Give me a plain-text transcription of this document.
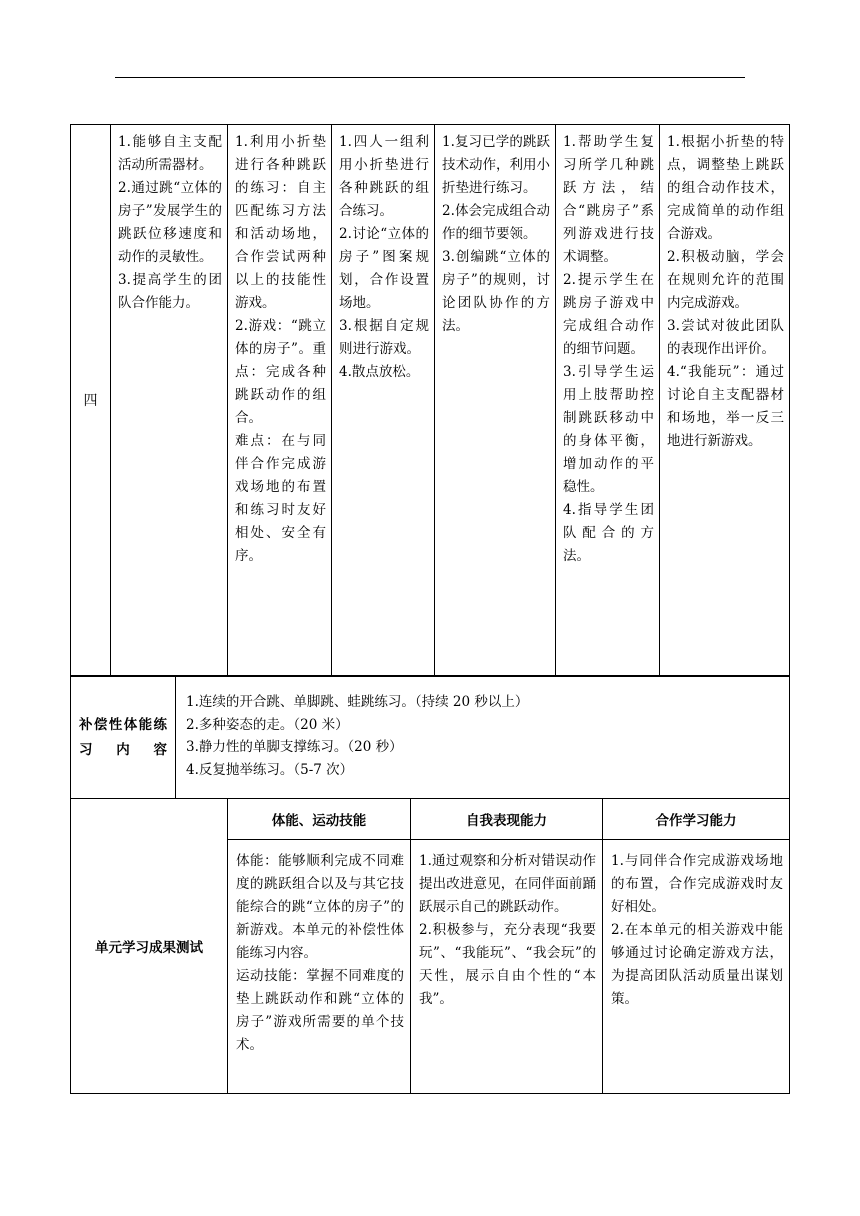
四	1.能够自主支配活动所需器材。
2.通过跳“立体的房子”发展学生的跳跃位移速度和动作的灵敏性。
3.提高学生的团队合作能力。	1.利用小折垫进行各种跳跃的练习：自主匹配练习方法和活动场地，合作尝试两种以上的技能性游戏。
2.游戏：“跳立体的房子”。重点：完成各种跳跃动作的组合。
难点：在与同伴合作完成游戏场地的布置和练习时友好相处、安全有序。	1.四人一组利用小折垫进行各种跳跃的组合练习。
2.讨论“立体的房子”图案规划，合作设置场地。
3.根据自定规则进行游戏。
4.散点放松。	1.复习已学的跳跃技术动作，利用小折垫进行练习。
2.体会完成组合动作的细节要领。
3.创编跳“立体的房子”的规则，讨论团队协作的方法。	1.帮助学生复习所学几种跳跃方法，结合“跳房子”系列游戏进行技术调整。
2.提示学生在跳房子游戏中完成组合动作的细节问题。
3.引导学生运用上肢帮助控制跳跃移动中的身体平衡，增加动作的平稳性。
4.指导学生团队配合的方法。	1.根据小折垫的特点，调整垫上跳跃的组合动作技术，完成简单的动作组合游戏。
2.积极动脑，学会在规则允许的范围内完成游戏。
3.尝试对彼此团队的表现作出评价。
4.“我能玩”：通过讨论自主支配器材和场地，举一反三地进行新游戏。
补偿性体能练习内容	1.连续的开合跳、单脚跳、蛙跳练习。（持续 20 秒以上）
2.多种姿态的走。（20 米）
3.静力性的单脚支撑练习。（20 秒）
4.反复抛举练习。（5-7 次）
单元学习成果测试	体能、运动技能	自我表现能力	合作学习能力
	体能：能够顺利完成不同难度的跳跃组合以及与其它技能综合的跳“立体的房子”的新游戏。本单元的补偿性体能练习内容。
运动技能：掌握不同难度的垫上跳跃动作和跳“立体的房子”游戏所需要的单个技术。	1.通过观察和分析对错误动作提出改进意见，在同伴面前踊跃展示自己的跳跃动作。
2.积极参与，充分表现“我要玩”、“我能玩”、“我会玩”的天性，展示自由个性的“本我”。	1.与同伴合作完成游戏场地的布置，合作完成游戏时友好相处。
2.在本单元的相关游戏中能够通过讨论确定游戏方法，为提高团队活动质量出谋划策。
